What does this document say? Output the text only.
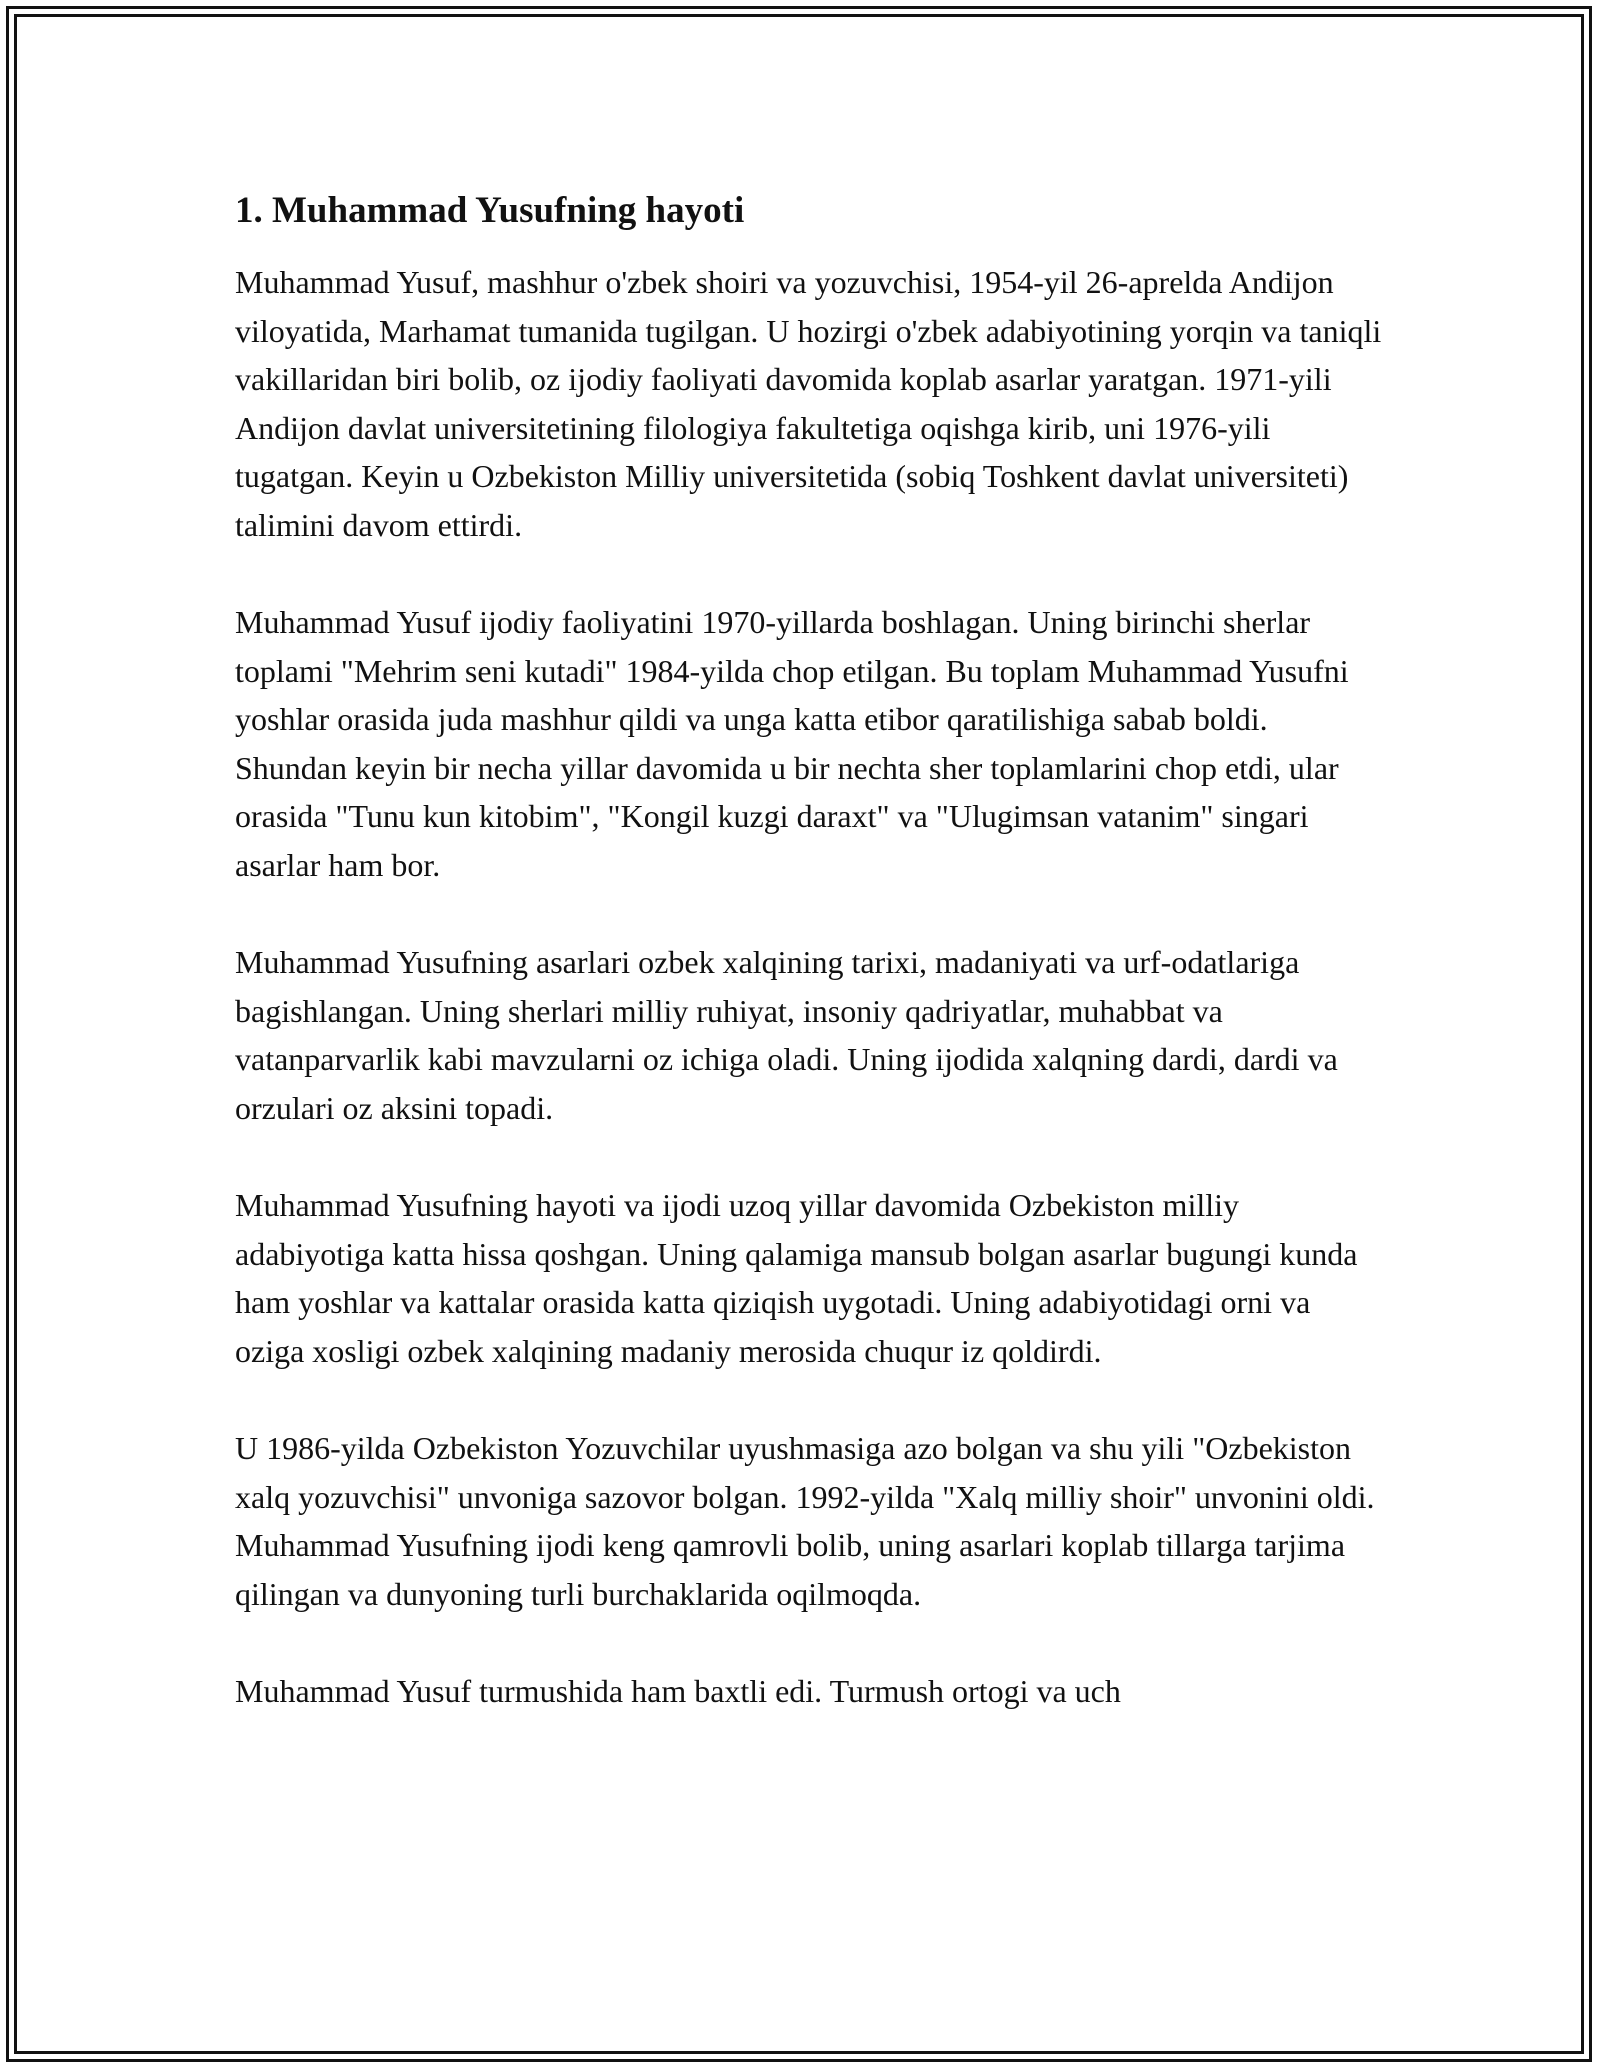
1. Muhammad Yusufning hayoti

Muhammad Yusuf, mashhur o'zbek shoiri va yozuvchisi, 1954-yil 26-aprelda Andijon viloyatida, Marhamat tumanida tugilgan. U hozirgi o'zbek adabiyotining yorqin va taniqli vakillaridan biri bolib, oz ijodiy faoliyati davomida koplab asarlar yaratgan. 1971-yili Andijon davlat universitetining filologiya fakultetiga oqishga kirib, uni 1976-yili tugatgan. Keyin u Ozbekiston Milliy universitetida (sobiq Toshkent davlat universiteti) talimini davom ettirdi.

Muhammad Yusuf ijodiy faoliyatini 1970-yillarda boshlagan. Uning birinchi sherlar toplami "Mehrim seni kutadi" 1984-yilda chop etilgan. Bu toplam Muhammad Yusufni yoshlar orasida juda mashhur qildi va unga katta etibor qaratilishiga sabab boldi. Shundan keyin bir necha yillar davomida u bir nechta sher toplamlarini chop etdi, ular orasida "Tunu kun kitobim", "Kongil kuzgi daraxt" va "Ulugimsan vatanim" singari asarlar ham bor.

Muhammad Yusufning asarlari ozbek xalqining tarixi, madaniyati va urf-odatlariga bagishlangan. Uning sherlari milliy ruhiyat, insoniy qadriyatlar, muhabbat va vatanparvarlik kabi mavzularni oz ichiga oladi. Uning ijodida xalqning dardi, dardi va orzulari oz aksini topadi.

Muhammad Yusufning hayoti va ijodi uzoq yillar davomida Ozbekiston milliy adabiyotiga katta hissa qoshgan. Uning qalamiga mansub bolgan asarlar bugungi kunda ham yoshlar va kattalar orasida katta qiziqish uygotadi. Uning adabiyotidagi orni va oziga xosligi ozbek xalqining madaniy merosida chuqur iz qoldirdi.

U 1986-yilda Ozbekiston Yozuvchilar uyushmasiga azo bolgan va shu yili "Ozbekiston xalq yozuvchisi" unvoniga sazovor bolgan. 1992-yilda "Xalq milliy shoir" unvonini oldi. Muhammad Yusufning ijodi keng qamrovli bolib, uning asarlari koplab tillarga tarjima qilingan va dunyoning turli burchaklarida oqilmoqda.

Muhammad Yusuf turmushida ham baxtli edi. Turmush ortogi va uch
